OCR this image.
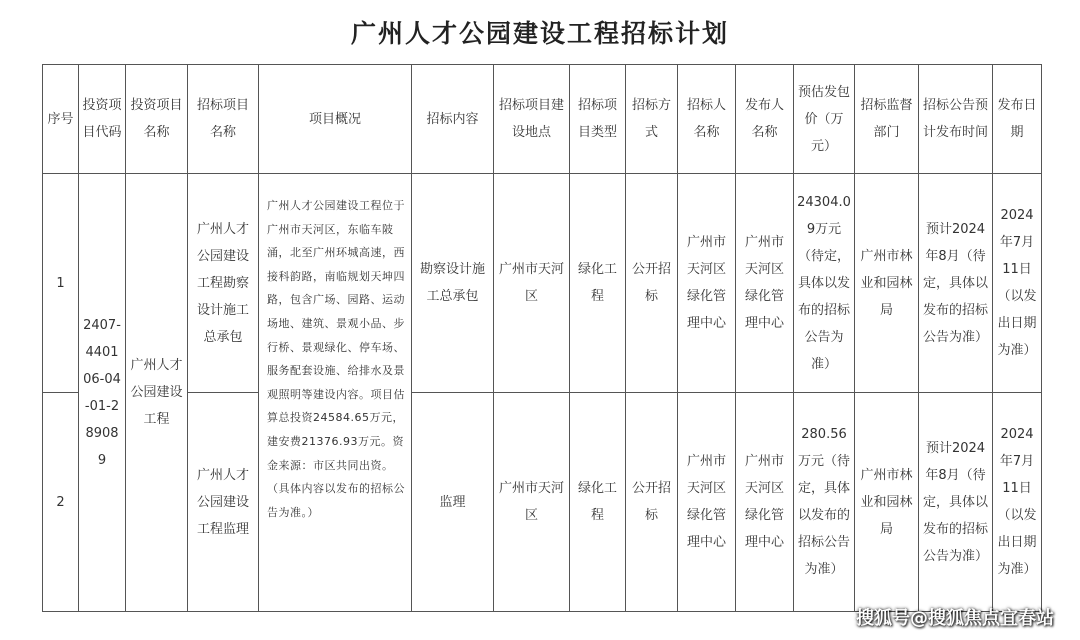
广州人才公园建设工程招标计划
序号	投资项目代码	投资项目名称	招标项目名称	项目概况	招标内容	招标项目建设地点	招标项目类型	招标方式	招标人名称	发布人名称	预估发包价（万元）	招标监督部门	招标公告预计发布时间	发布日期
1	2407-440106-04-01-289089	广州人才公园建设工程	广州人才公园建设工程勘察设计施工总承包	广州人才公园建设工程位于广州市天河区，东临车陂涌，北至广州环城高速，西接科韵路，南临规划天坤四路，包含广场、园路、运动场地、建筑、景观小品、步行桥、景观绿化、停车场、服务配套设施、给排水及景观照明等建设内容。项目估算总投资24584.65万元，建安费21376.93万元。资金来源：市区共同出资。（具体内容以发布的招标公告为准。）	勘察设计施工总承包	广州市天河区	绿化工程	公开招标	广州市天河区绿化管理中心	广州市天河区绿化管理中心	24304.09万元（待定，具体以发布的招标公告为准）	广州市林业和园林局	预计2024年8月（待定，具体以发布的招标公告为准）	2024年7月11日（以发出日期为准）
2			广州人才公园建设工程监理		监理	广州市天河区	绿化工程	公开招标	广州市天河区绿化管理中心	广州市天河区绿化管理中心	280.56万元（待定，具体以发布的招标公告为准）	广州市林业和园林局	预计2024年8月（待定，具体以发布的招标公告为准）	2024年7月11日（以发出日期为准）
搜狐号@搜狐焦点宜春站
